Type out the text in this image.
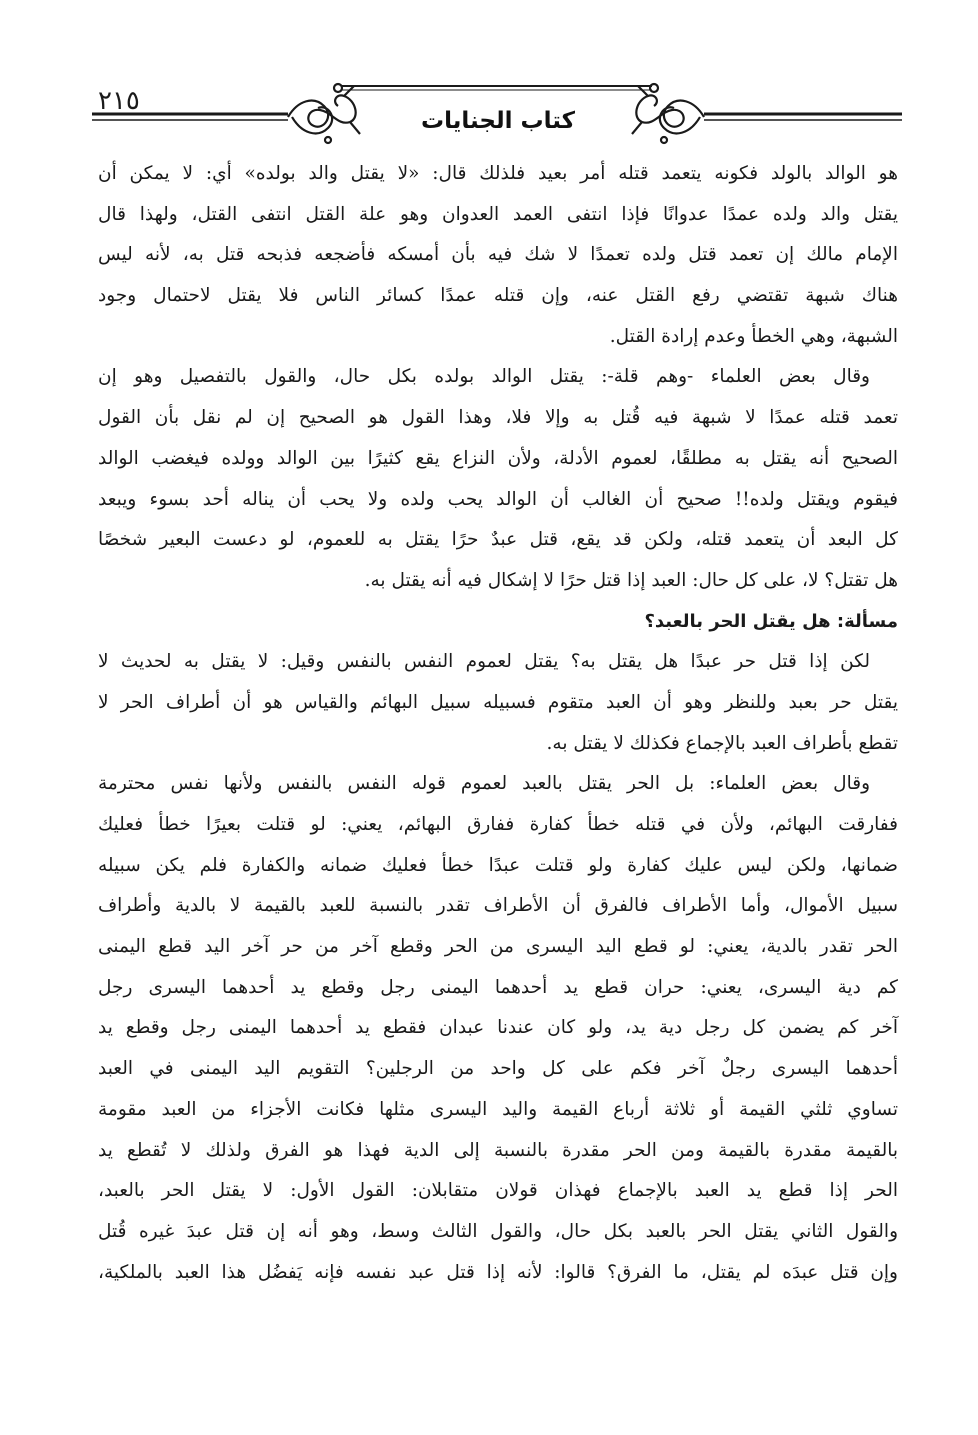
٢١٥
كتاب الجنايات
هو الوالد بالولد فكونه يتعمد قتله أمر بعيد فلذلك قال: «لا يقتل والد بولده» أي: لا يمكن أن
يقتل والد ولده عمدًا عدوانًا فإذا انتفى العمد العدوان وهو علة القتل انتفى القتل، ولهذا قال
الإمام مالك إن تعمد قتل ولده تعمدًا لا شك فيه بأن أمسكه فأضجعه فذبحه قتل به، لأنه ليس
هناك شبهة تقتضي رفع القتل عنه، وإن قتله عمدًا كسائر الناس فلا يقتل لاحتمال وجود
الشبهة، وهي الخطأ وعدم إرادة القتل.
وقال بعض العلماء -وهم قلة-: يقتل الوالد بولده بكل حال، والقول بالتفصيل وهو إن
تعمد قتله عمدًا لا شبهة فيه قُتل به وإلا فلا، وهذا القول هو الصحيح إن لم نقل بأن القول
الصحيح أنه يقتل به مطلقًا، لعموم الأدلة، ولأن النزاع يقع كثيرًا بين الوالد وولده فيغضب الوالد
فيقوم ويقتل ولده!! صحيح أن الغالب أن الوالد يحب ولده ولا يحب أن يناله أحد بسوء ويبعد
كل البعد أن يتعمد قتله، ولكن قد يقع، قتل عبدٌ حرًا يقتل به للعموم، لو دعست البعير شخصًا
هل تقتل؟ لا، على كل حال: العبد إذا قتل حرًا لا إشكال فيه أنه يقتل به.
مسألة: هل يقتل الحر بالعبد؟
لكن إذا قتل حر عبدًا هل يقتل به؟ يقتل لعموم النفس بالنفس وقيل: لا يقتل به لحديث لا
يقتل حر بعبد وللنظر وهو أن العبد متقوم فسبيله سبيل البهائم والقياس هو أن أطراف الحر لا
تقطع بأطراف العبد بالإجماع فكذلك لا يقتل به.
وقال بعض العلماء: بل الحر يقتل بالعبد لعموم قوله النفس بالنفس ولأنها نفس محترمة
ففارقت البهائم، ولأن في قتله خطأ كفارة ففارق البهائم، يعني: لو قتلت بعيرًا خطأ فعليك
ضمانها، ولكن ليس عليك كفارة ولو قتلت عبدًا خطأ فعليك ضمانه والكفارة فلم يكن سبيله
سبيل الأموال، وأما الأطراف فالفرق أن الأطراف تقدر بالنسبة للعبد بالقيمة لا بالدية وأطراف
الحر تقدر بالدية، يعني: لو قطع اليد اليسرى من الحر وقطع آخر من حر آخر اليد قطع اليمنى
كم دية اليسرى، يعني: حران قطع يد أحدهما اليمنى رجل وقطع يد أحدهما اليسرى رجل
آخر كم يضمن كل رجل دية يد، ولو كان عندنا عبدان فقطع يد أحدهما اليمنى رجل وقطع يد
أحدهما اليسرى رجلٌ آخر فكم على كل واحد من الرجلين؟ التقويم اليد اليمنى في العبد
تساوي ثلثي القيمة أو ثلاثة أرباع القيمة واليد اليسرى مثلها فكانت الأجزاء من العبد مقومة
بالقيمة مقدرة بالقيمة ومن الحر مقدرة بالنسبة إلى الدية فهذا هو الفرق ولذلك لا تُقطع يد
الحر إذا قطع يد العبد بالإجماع فهذان قولان متقابلان: القول الأول: لا يقتل الحر بالعبد،
والقول الثاني يقتل الحر بالعبد بكل حال، والقول الثالث وسط، وهو أنه إن قتل عبدَ غيره قُتل
وإن قتل عبدَه لم يقتل، ما الفرق؟ قالوا: لأنه إذا قتل عبد نفسه فإنه يَفضُل هذا العبد بالملكية،
